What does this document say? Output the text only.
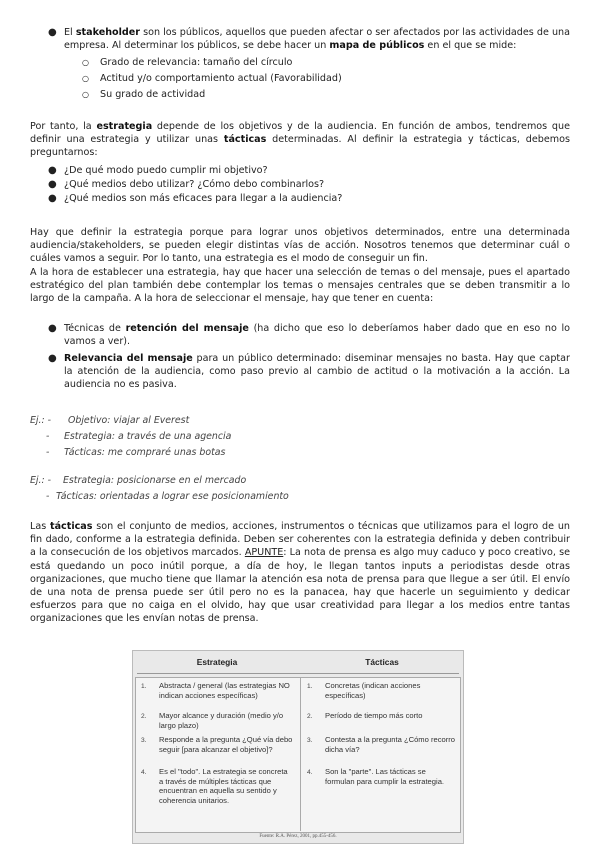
● El stakeholder son los públicos, aquellos que pueden afectar o ser afectados por las actividades de una empresa. Al determinar los públicos, se debe hacer un mapa de públicos en el que se mide:
○ Grado de relevancia: tamaño del círculo
○ Actitud y/o comportamiento actual (Favorabilidad)
○ Su grado de actividad
Por tanto, la estrategia depende de los objetivos y de la audiencia. En función de ambos, tendremos que definir una estrategia y utilizar unas tácticas determinadas. Al definir la estrategia y tácticas, debemos preguntarnos:
● ¿De qué modo puedo cumplir mi objetivo?
● ¿Qué medios debo utilizar? ¿Cómo debo combinarlos?
● ¿Qué medios son más eficaces para llegar a la audiencia?
Hay que definir la estrategia porque para lograr unos objetivos determinados, entre una determinada audiencia/stakeholders, se pueden elegir distintas vías de acción. Nosotros tenemos que determinar cuál o cuáles vamos a seguir. Por lo tanto, una estrategia es el modo de conseguir un fin.
A la hora de establecer una estrategia, hay que hacer una selección de temas o del mensaje, pues el apartado estratégico del plan también debe contemplar los temas o mensajes centrales que se deben transmitir a lo largo de la campaña. A la hora de seleccionar el mensaje, hay que tener en cuenta:
● Técnicas de retención del mensaje (ha dicho que eso lo deberíamos haber dado que en eso no lo vamos a ver).
● Relevancia del mensaje para un público determinado: diseminar mensajes no basta. Hay que captar la atención de la audiencia, como paso previo al cambio de actitud o la motivación a la acción. La audiencia no es pasiva.
Ej.: - Objetivo: viajar al Everest
- Estrategia: a través de una agencia
- Tácticas: me compraré unas botas
Ej.: - Estrategia: posicionarse en el mercado
- Tácticas: orientadas a lograr ese posicionamiento
Las tácticas son el conjunto de medios, acciones, instrumentos o técnicas que utilizamos para el logro de un fin dado, conforme a la estrategia definida. Deben ser coherentes con la estrategia definida y deben contribuir a la consecución de los objetivos marcados. APUNTE: La nota de prensa es algo muy caduco y poco creativo, se está quedando un poco inútil porque, a día de hoy, le llegan tantos inputs a periodistas desde otras organizaciones, que mucho tiene que llamar la atención esa nota de prensa para que llegue a ser útil. El envío de una nota de prensa puede ser útil pero no es la panacea, hay que hacerle un seguimiento y dedicar esfuerzos para que no caiga en el olvido, hay que usar creatividad para llegar a los medios entre tantas organizaciones que les envían notas de prensa.
Estrategia	Tácticas
1. Abstracta / general (las estrategias NO indican acciones específicas)
1. Concretas (indican acciones específicas)
2. Mayor alcance y duración (medio y/o largo plazo)
2. Período de tiempo más corto
3. Responde a la pregunta ¿Qué vía debo seguir [para alcanzar el objetivo]?
3. Contesta a la pregunta ¿Cómo recorro dicha vía?
4. Es el "todo". La estrategia se concreta a través de múltiples tácticas que encuentran en aquella su sentido y coherencia unitarios.
4. Son la "parte". Las tácticas se formulan para cumplir la estrategia.
Fuente: R.A. Pérez, 2001, pp.455-456.
